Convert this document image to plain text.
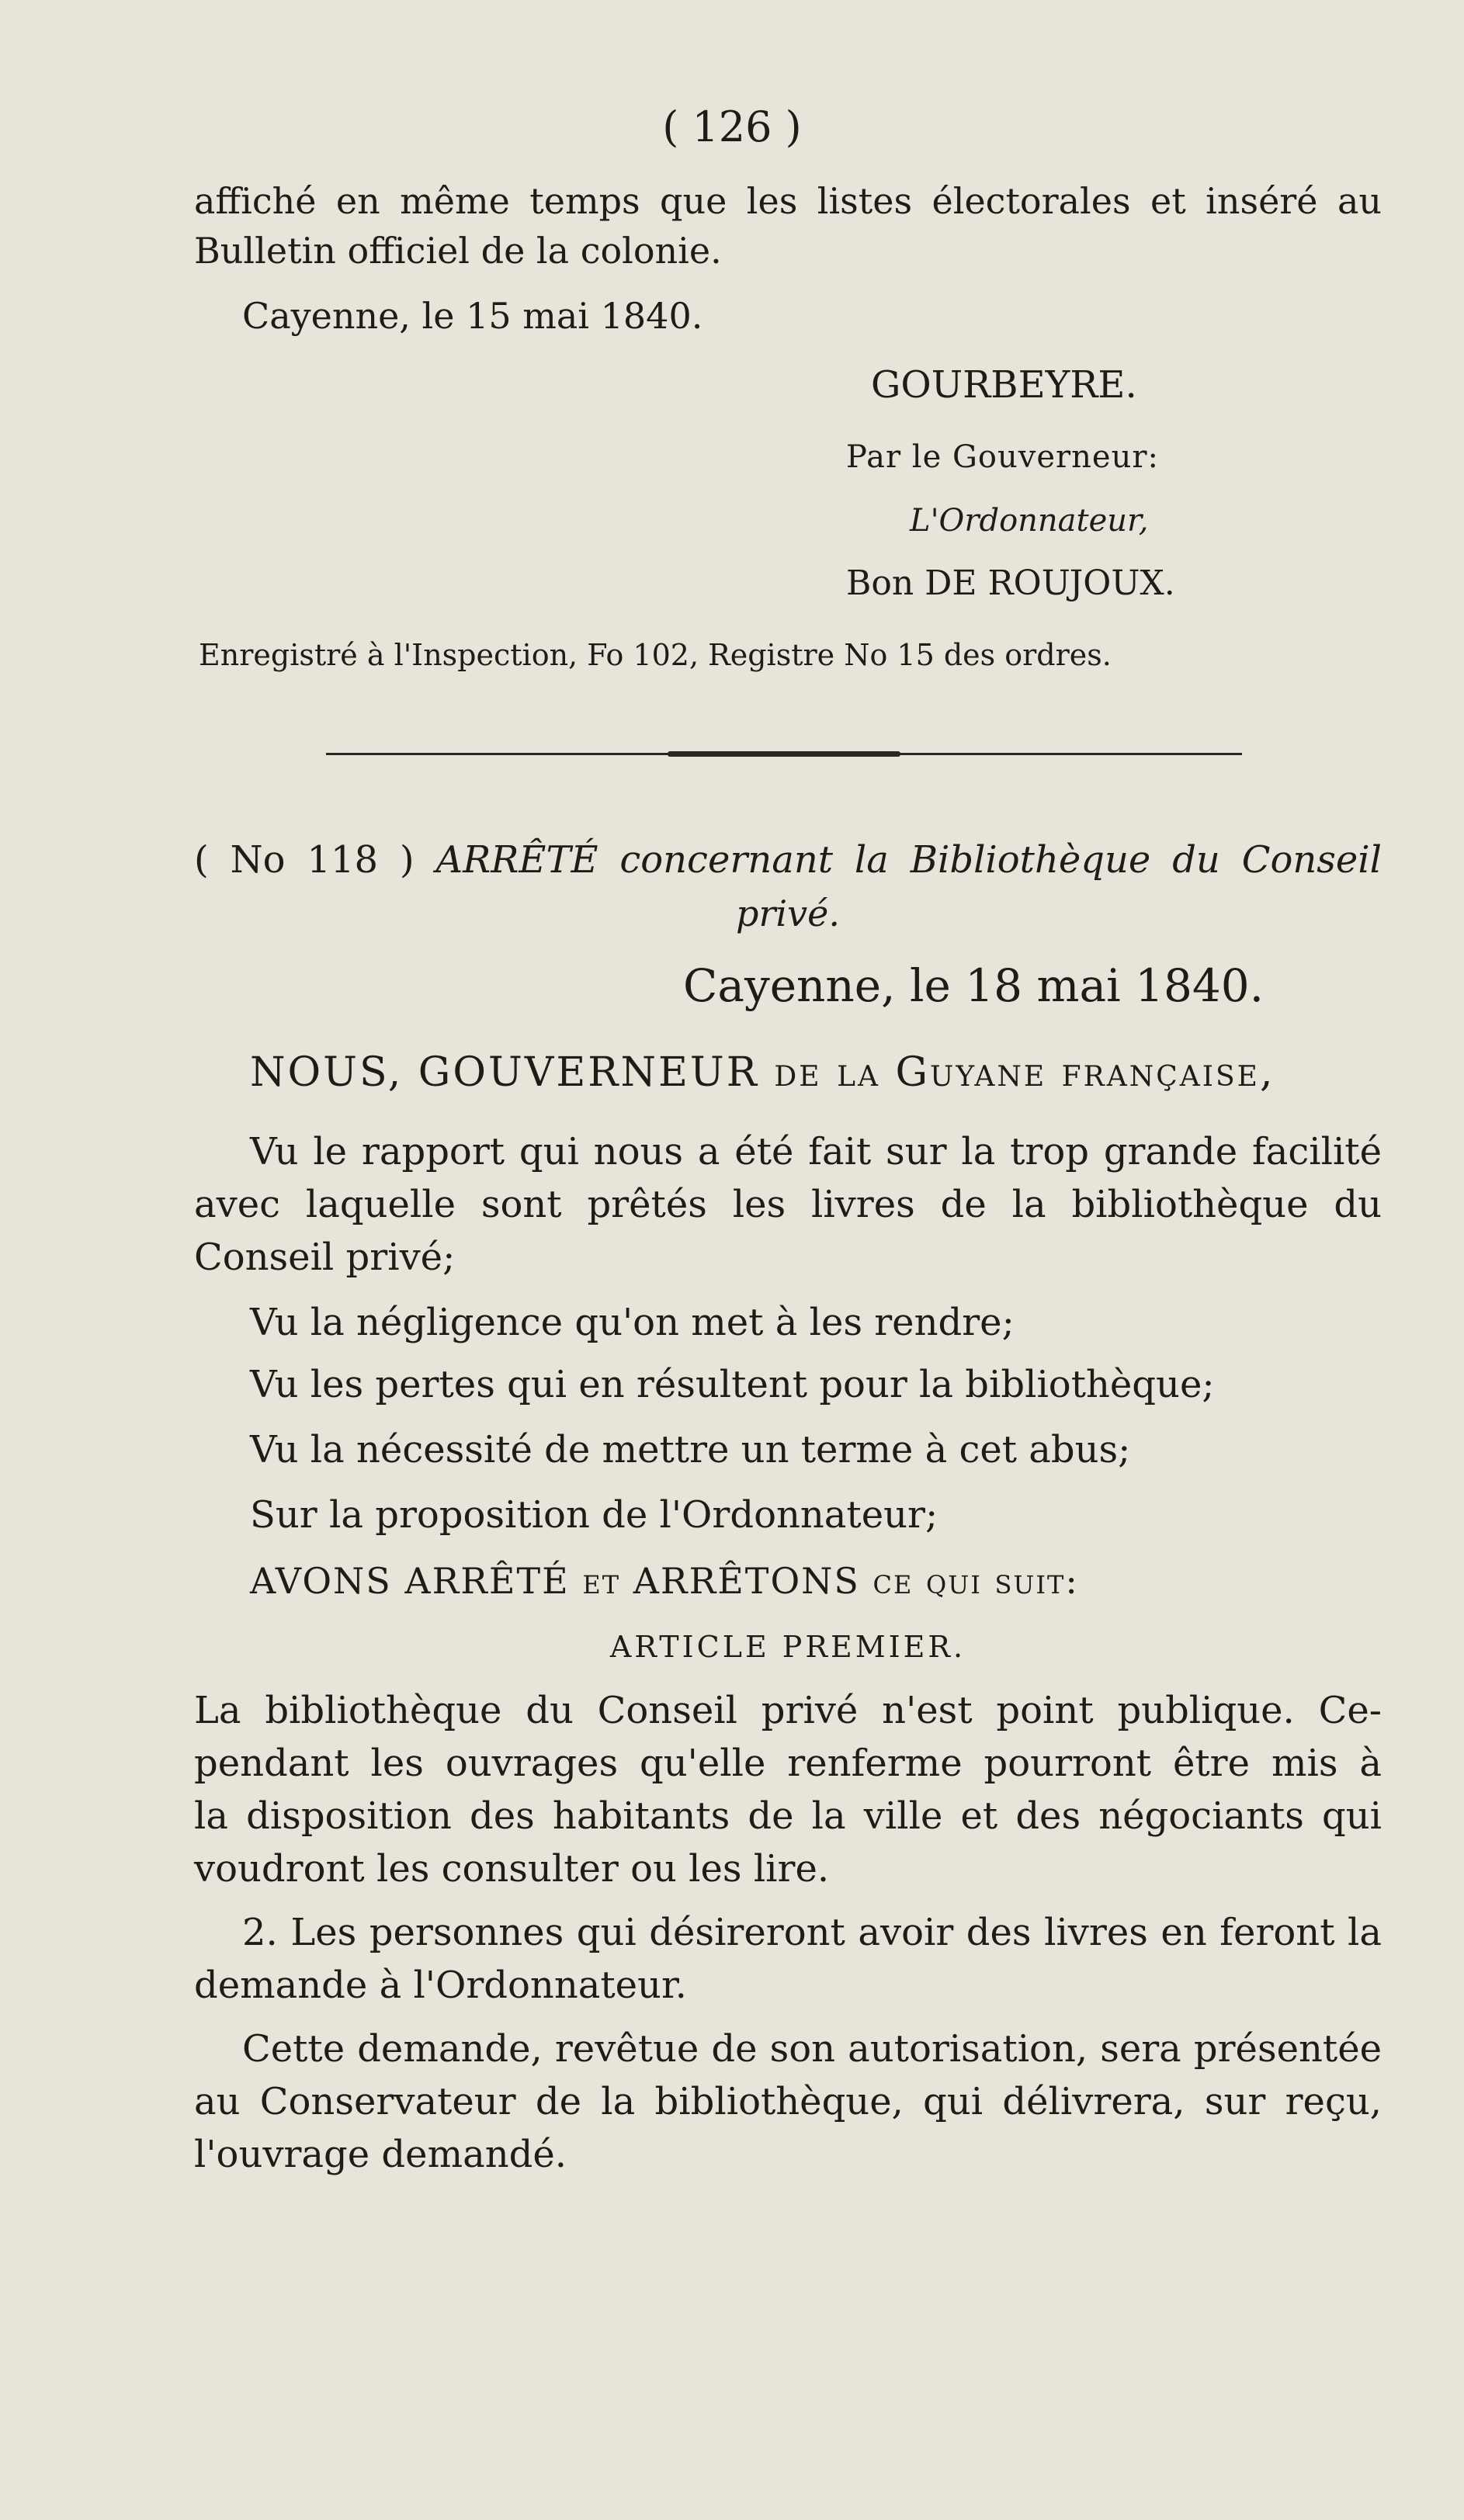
( 126 )
affiché en même temps que les listes électorales et inséré au
Bulletin officiel de la colonie.
Cayenne, le 15 mai 1840.
GOURBEYRE.
Par le Gouverneur:
L'Ordonnateur,
Bon DE ROUJOUX.
Enregistré à l'Inspection, Fo 102, Registre No 15 des ordres.
( No 118 ) ARRÊTÉ concernant la Bibliothèque du Conseil
privé.
Cayenne, le 18 mai 1840.
NOUS, GOUVERNEUR de la Guyane française,
Vu le rapport qui nous a été fait sur la trop grande facilité
avec laquelle sont prêtés les livres de la bibliothèque du
Conseil privé;
Vu la négligence qu'on met à les rendre;
Vu les pertes qui en résultent pour la bibliothèque;
Vu la nécessité de mettre un terme à cet abus;
Sur la proposition de l'Ordonnateur;
AVONS ARRÊTÉ et ARRÊTONS ce qui suit:
ARTICLE PREMIER.
La bibliothèque du Conseil privé n'est point publique. Ce-
pendant les ouvrages qu'elle renferme pourront être mis à
la disposition des habitants de la ville et des négociants qui
voudront les consulter ou les lire.
2. Les personnes qui désireront avoir des livres en feront la
demande à l'Ordonnateur.
Cette demande, revêtue de son autorisation, sera présentée
au Conservateur de la bibliothèque, qui délivrera, sur reçu,
l'ouvrage demandé.
